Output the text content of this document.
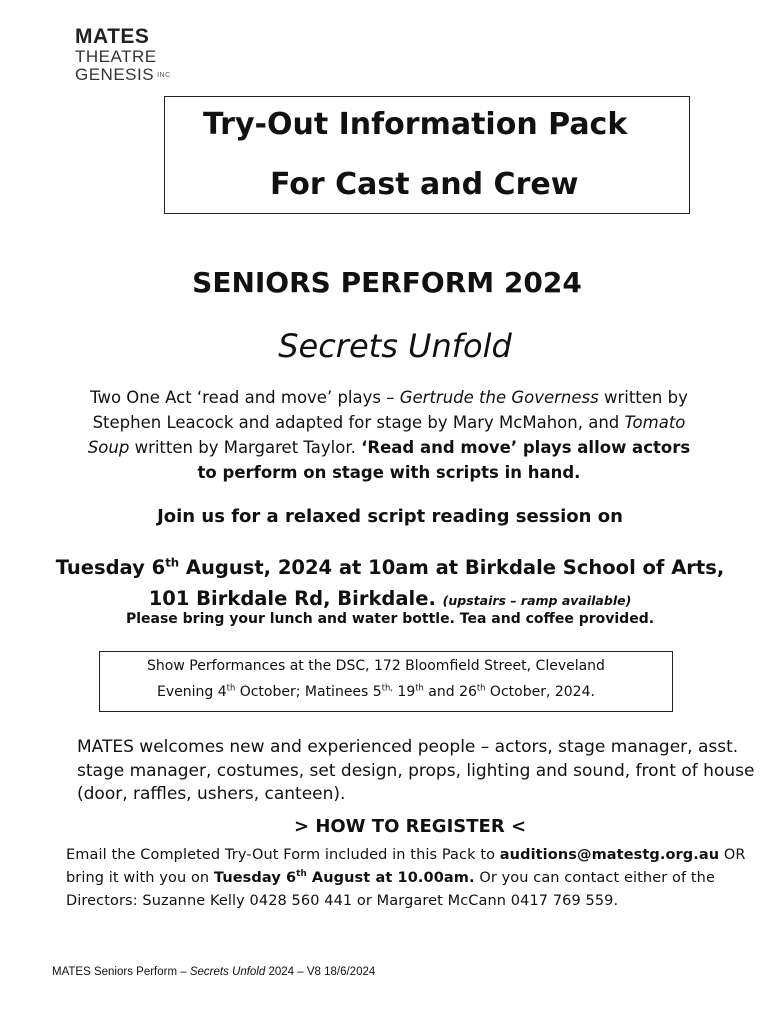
MATES
THEATRE
GENESIS INC
Try-Out Information Pack
For Cast and Crew
SENIORS PERFORM 2024
Secrets Unfold
Two One Act ‘read and move’ plays – Gertrude the Governess written by Stephen Leacock and adapted for stage by Mary McMahon, and Tomato Soup written by Margaret Taylor. ‘Read and move’ plays allow actors to perform on stage with scripts in hand.
Join us for a relaxed script reading session on
Tuesday 6th August, 2024 at 10am at Birkdale School of Arts,
101 Birkdale Rd, Birkdale. (upstairs – ramp available)
Please bring your lunch and water bottle. Tea and coffee provided.
Show Performances at the DSC, 172 Bloomfield Street, Cleveland
Evening 4th October; Matinees $5^{th,}$ 19th and 26th October, 2024.
MATES welcomes new and experienced people – actors, stage manager, asst. stage manager, costumes, set design, props, lighting and sound, front of house (door, raffles, ushers, canteen).
> HOW TO REGISTER <
Email the Completed Try-Out Form included in this Pack to auditions@matestg.org.au OR bring it with you on Tuesday 6th August at 10.00am. Or you can contact either of the Directors: Suzanne Kelly 0428 560 441 or Margaret McCann 0417 769 559.
MATES Seniors Perform – Secrets Unfold 2024 – V8 18/6/2024
